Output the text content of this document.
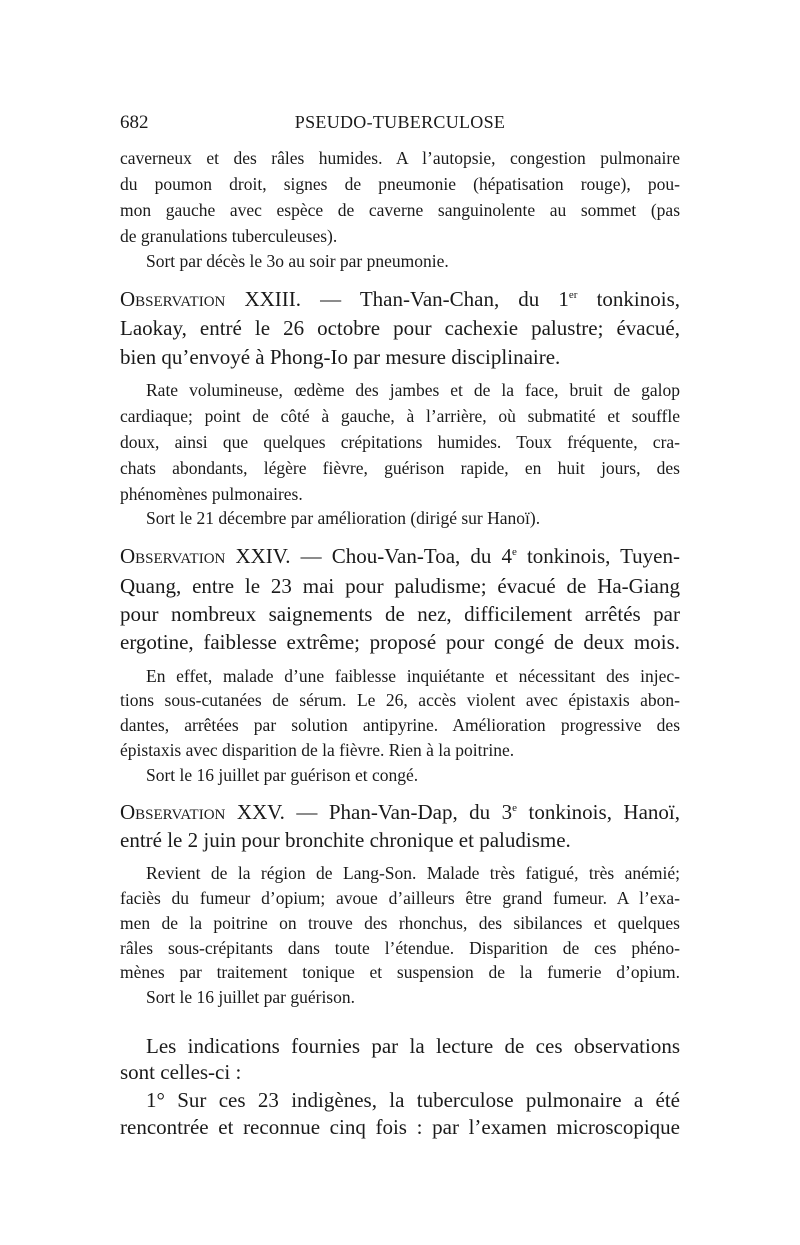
682	PSEUDO-TUBERCULOSE
caverneux et des râles humides. A l’autopsie, congestion pulmonaire
du poumon droit, signes de pneumonie (hépatisation rouge), pou-
mon gauche avec espèce de caverne sanguinolente au sommet (pas
de granulations tuberculeuses).
Sort par décès le 3o au soir par pneumonie.
Observation XXIII. — Than-Van-Chan, du 1er tonkinois,
Laokay, entré le 26 octobre pour cachexie palustre; évacué,
bien qu’envoyé à Phong-Io par mesure disciplinaire.
Rate volumineuse, œdème des jambes et de la face, bruit de galop
cardiaque; point de côté à gauche, à l’arrière, où submatité et souffle
doux, ainsi que quelques crépitations humides. Toux fréquente, cra-
chats abondants, légère fièvre, guérison rapide, en huit jours, des
phénomènes pulmonaires.
Sort le 21 décembre par amélioration (dirigé sur Hanoï).
Observation XXIV. — Chou-Van-Toa, du 4e tonkinois, Tuyen-
Quang, entre le 23 mai pour paludisme; évacué de Ha-Giang
pour nombreux saignements de nez, difficilement arrêtés par
ergotine, faiblesse extrême; proposé pour congé de deux mois.
En effet, malade d’une faiblesse inquiétante et nécessitant des injec-
tions sous-cutanées de sérum. Le 26, accès violent avec épistaxis abon-
dantes, arrêtées par solution antipyrine. Amélioration progressive des
épistaxis avec disparition de la fièvre. Rien à la poitrine.
Sort le 16 juillet par guérison et congé.
Observation XXV. — Phan-Van-Dap, du 3e tonkinois, Hanoï,
entré le 2 juin pour bronchite chronique et paludisme.
Revient de la région de Lang-Son. Malade très fatigué, très anémié;
faciès du fumeur d’opium; avoue d’ailleurs être grand fumeur. A l’exa-
men de la poitrine on trouve des rhonchus, des sibilances et quelques
râles sous-crépitants dans toute l’étendue. Disparition de ces phéno-
mènes par traitement tonique et suspension de la fumerie d’opium.
Sort le 16 juillet par guérison.
Les indications fournies par la lecture de ces observations
sont celles-ci :
1° Sur ces 23 indigènes, la tuberculose pulmonaire a été
rencontrée et reconnue cinq fois : par l’examen microscopique
